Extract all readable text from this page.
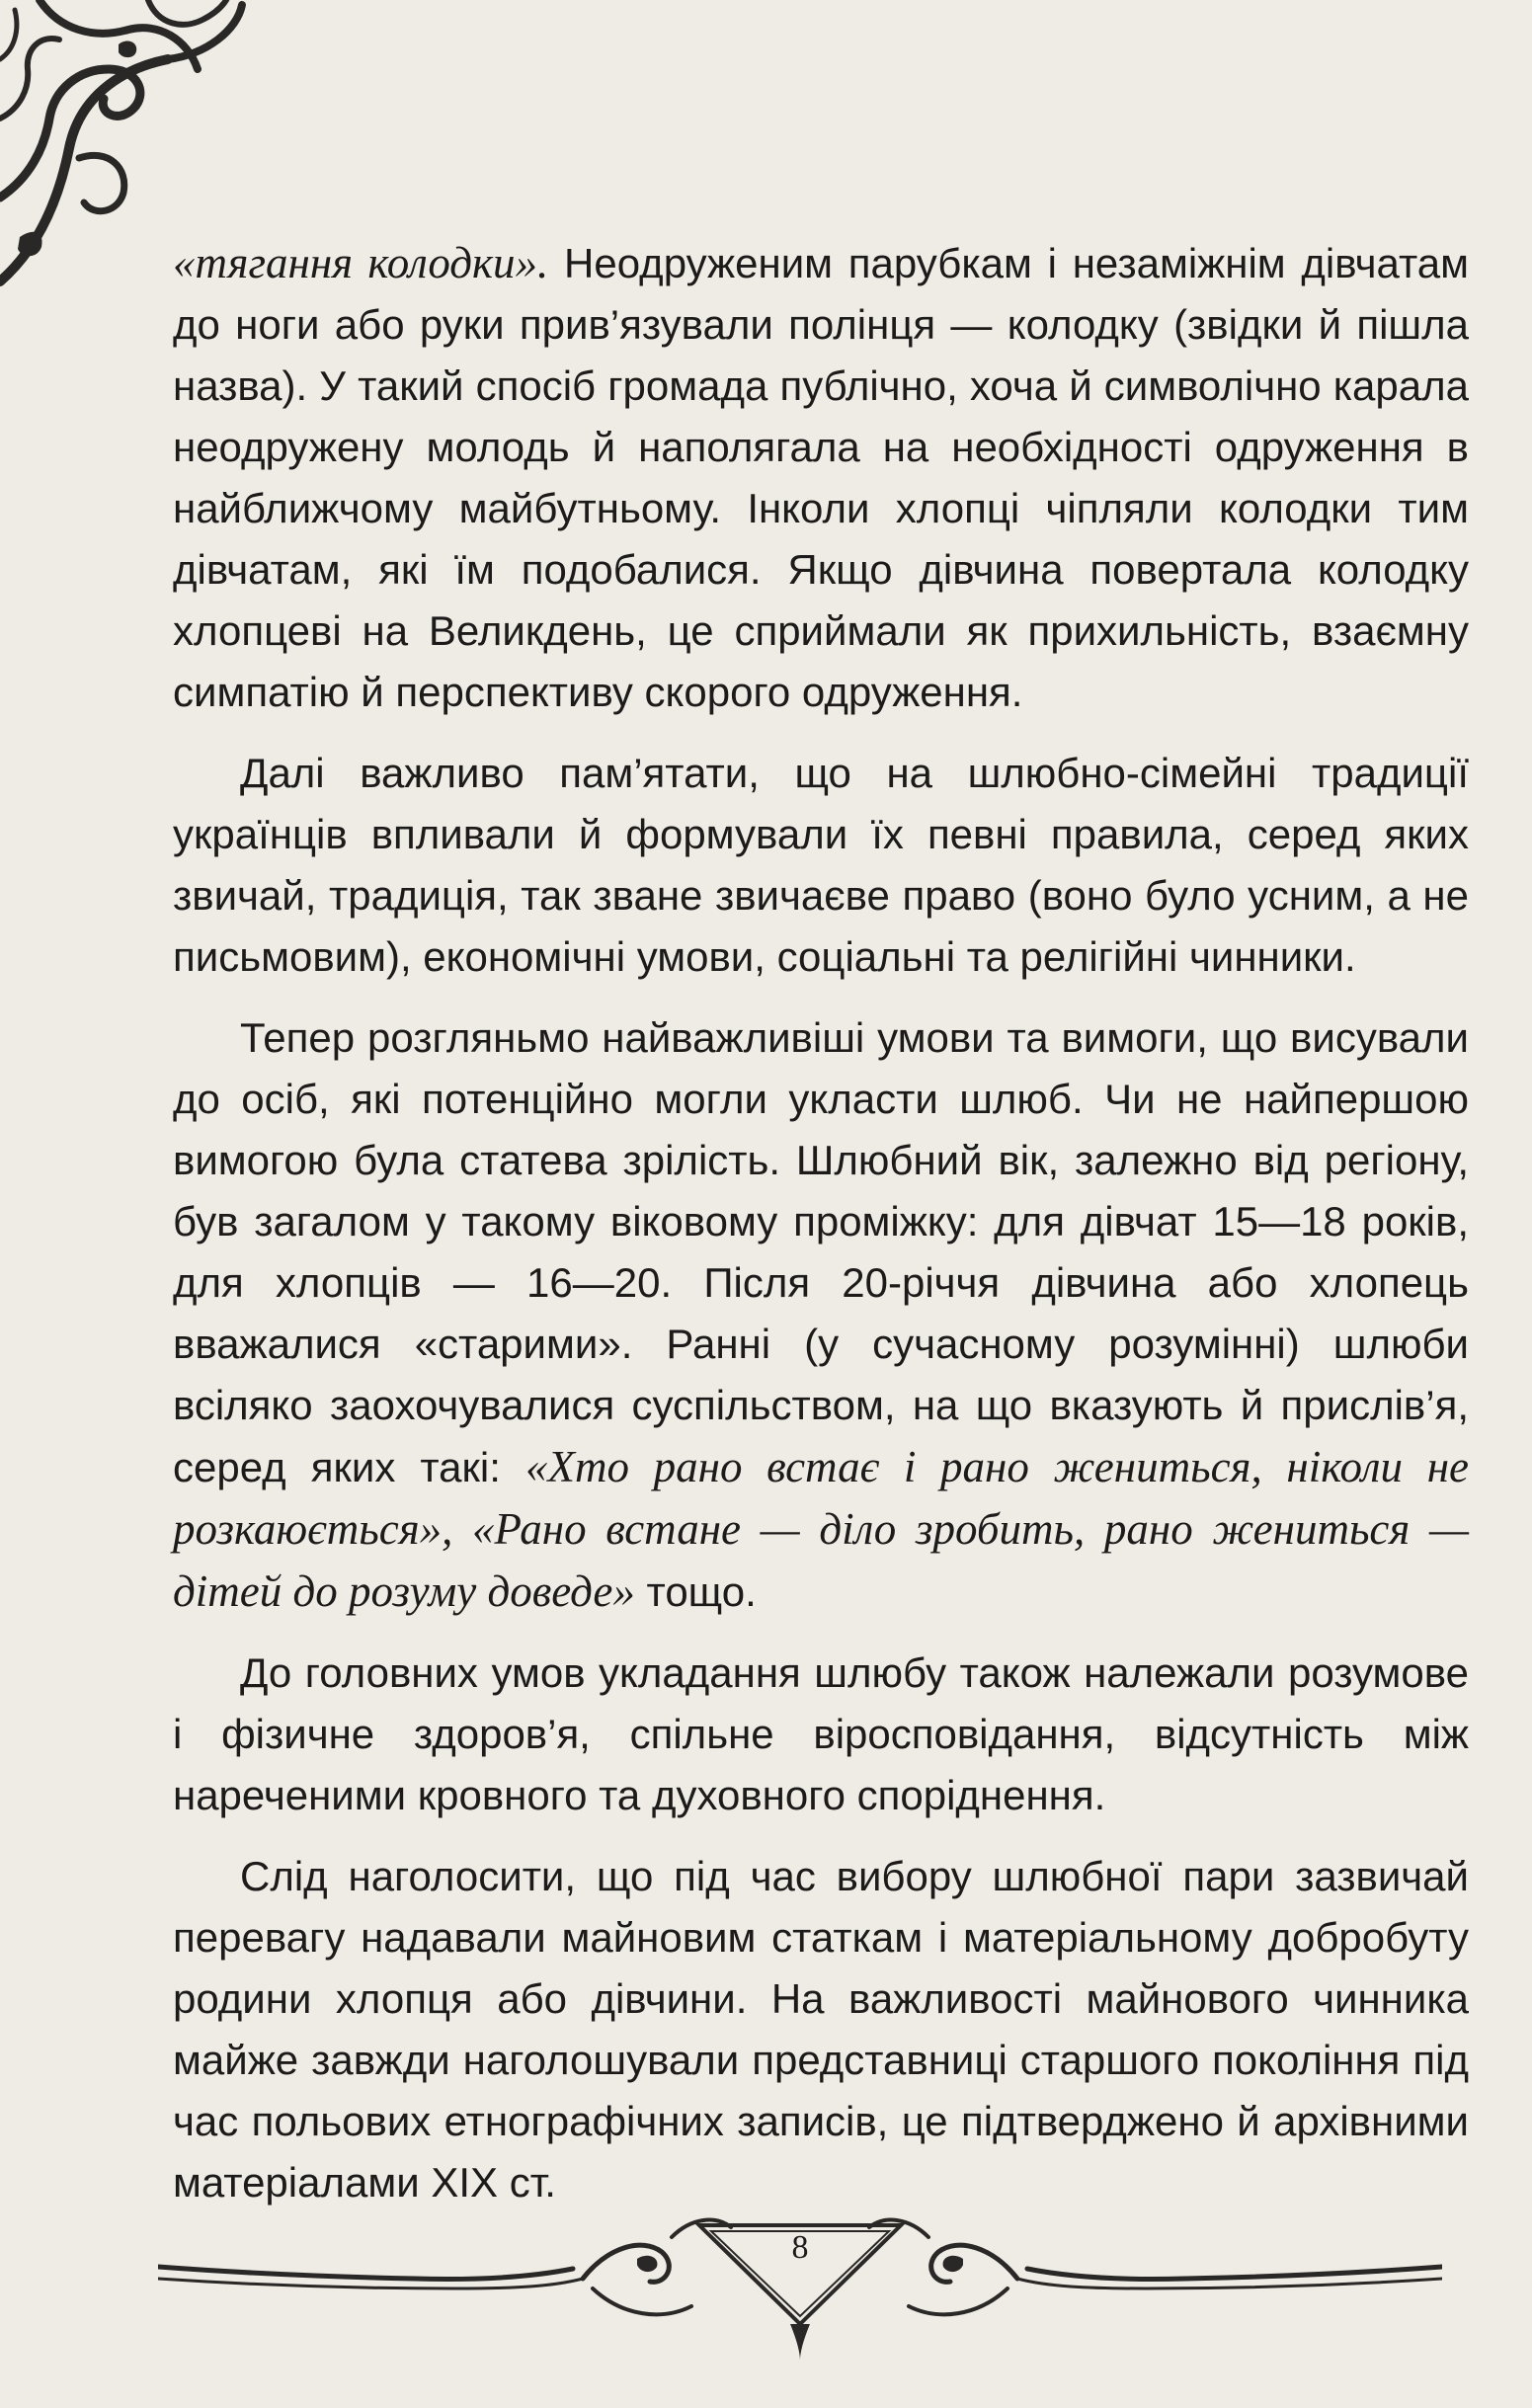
«тягання колодки». Неодруженим парубкам і незаміжнім дівчатам до ноги або руки прив’язували полінця — колодку (звідки й пішла назва). У такий спосіб громада публічно, хоча й символічно карала неодружену молодь й наполягала на необхідності одруження в найближчому майбутньому. Інколи хлопці чіпляли колодки тим дівчатам, які їм подобалися. Якщо дівчина повертала колодку хлопцеві на Великдень, це сприймали як прихильність, взаємну симпатію й перспективу скорого одруження.

Далі важливо пам’ятати, що на шлюбно-сімейні традиції українців впливали й формували їх певні правила, серед яких звичай, традиція, так зване звичаєве право (воно було усним, а не письмовим), економічні умови, соціальні та релігійні чинники.

Тепер розгляньмо найважливіші умови та вимоги, що висували до осіб, які потенційно могли укласти шлюб. Чи не найпершою вимогою була статева зрілість. Шлюбний вік, залежно від регіону, був загалом у такому віковому проміжку: для дівчат 15—18 років, для хлопців — 16—20. Після 20-річчя дівчина або хлопець вважалися «старими». Ранні (у сучасному розумінні) шлюби всіляко заохочувалися суспільством, на що вказують й прислів’я, серед яких такі: «Хто рано встає і рано жениться, ніколи не розкаюється», «Рано встане — діло зробить, рано жениться — дітей до розуму доведе» тощо.

До головних умов укладання шлюбу також належали розумове і фізичне здоров’я, спільне віросповідання, відсутність між нареченими кровного та духовного споріднення.

Слід наголосити, що під час вибору шлюбної пари зазвичай перевагу надавали майновим статкам і матеріальному добробуту родини хлопця або дівчини. На важливості майнового чинника майже завжди наголошували представниці старшого покоління під час польових етнографічних записів, це підтверджено й архівними матеріалами XIX ст.

8
